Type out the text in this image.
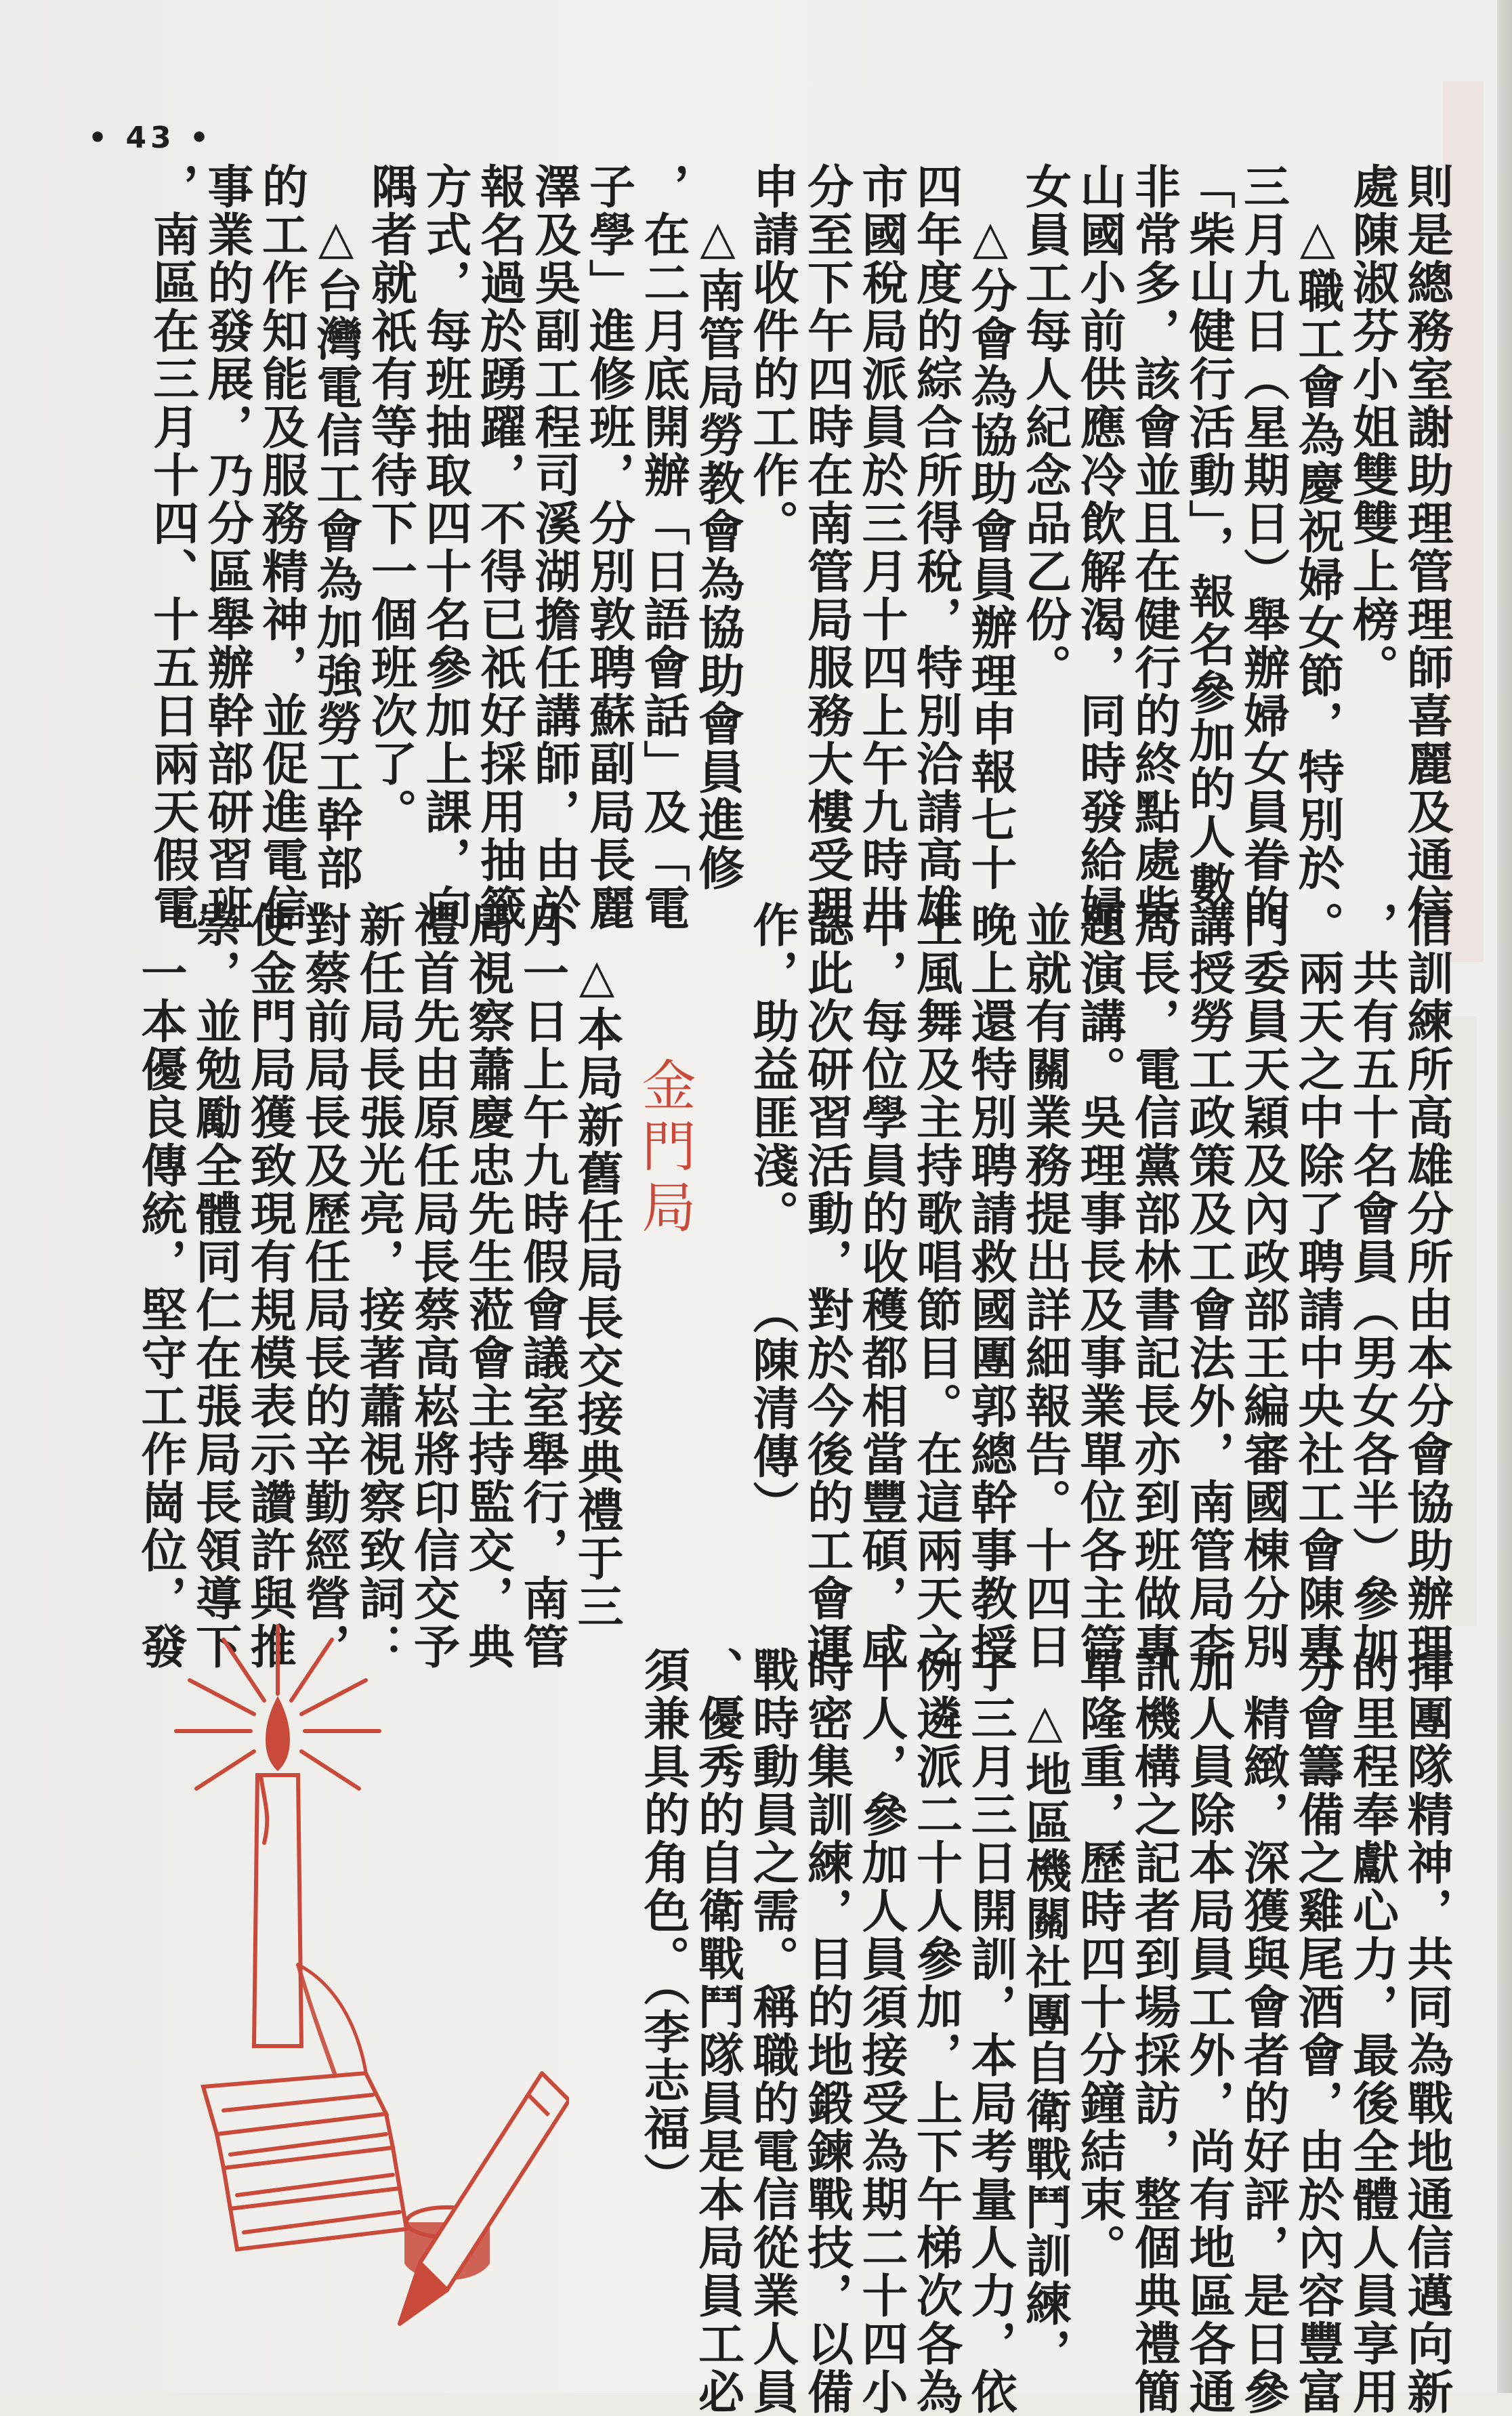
• 43 •
則是總務室謝助理管理師喜麗及通信
處陳淑芬小姐雙雙上榜。
　△職工會為慶祝婦女節，特別於
三月九日（星期日）舉辦婦女員眷的
「柴山健行活動」，報名參加的人數
非常多，該會並且在健行的終點處柴
山國小前供應冷飲解渴，同時發給婦
女員工每人紀念品乙份。
　△分會為協助會員辦理申報七十
四年度的綜合所得稅，特別洽請高雄
市國稅局派員於三月十四上午九時卅
分至下午四時在南管局服務大樓受理
申請收件的工作。
　△南管局勞教會為協助會員進修
，在二月底開辦「日語會話」及「電
子學」進修班，分別敦聘蘇副局長麗
澤及吳副工程司溪湖擔任講師，由於
報名過於踴躍，不得已祇好採用抽籤
方式，每班抽取四十名參加上課，向
隅者就祇有等待下一個班次了。
　△台灣電信工會為加強勞工幹部
的工作知能及服務精神，並促進電信
事業的發展，乃分區舉辦幹部研習班
，南區在三月十四、十五日兩天假電
信訓練所高雄分所由本分會協助辦理
，共有五十名會員（男女各半）參加
。兩天之中除了聘請中央社工會陳專
門委員天穎及內政部王編審國棟分別
講授勞工政策及工會法外，南管局李
局長，電信黨部林書記長亦到班做專
題演講。吳理事長及事業單位各主管
並就有關業務提出詳細報告。十四日
晚上還特別聘請救國團郭總幹事教授
土風舞及主持歌唱節目。在這兩天之
中，每位學員的收穫都相當豐碩，咸
認此次研習活動，對於今後的工會運
作，助益匪淺。　　（陳清傳）
揮團隊精神，共同為戰地通信邁向新
的里程奉獻心力，最後全體人員享用
分會籌備之雞尾酒會，由於內容豐富
、精緻，深獲與會者的好評，是日參
加人員除本局員工外，尚有地區各通
訊機構之記者到場採訪，整個典禮簡
單隆重，歷時四十分鐘結束。
　△地區機關社團自衛戰鬥訓練，
于三月三日開訓，本局考量人力，依
例遴派二十人參加，上下午梯次各為
十人，參加人員須接受為期二十四小
時密集訓練，目的地鍛鍊戰技，以備
戰時動員之需。稱職的電信從業人員
、優秀的自衛戰鬥隊員是本局員工必
須兼具的角色。（李志福）
金門局
　△本局新舊任局長交接典禮于三
月一日上午九時假會議室舉行，南管
局視察蕭慶忠先生蒞會主持監交，典
禮首先由原任局長蔡高崧將印信交予
新任局長張光亮，接著蕭視察致詞：
對蔡前局長及歷任局長的辛勤經營，
使金門局獲致現有規模表示讚許與推
崇，並勉勵全體同仁在張局長領導下
，一本優良傳統，堅守工作崗位，發
